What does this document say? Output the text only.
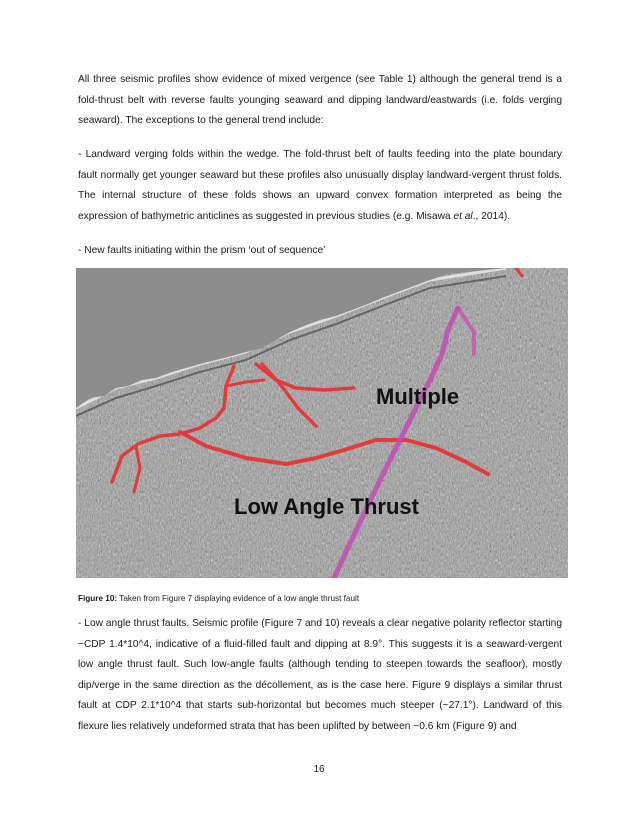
All three seismic profiles show evidence of mixed vergence (see Table 1) although the general trend is a fold-thrust belt with reverse faults younging seaward and dipping landward/eastwards (i.e. folds verging seaward). The exceptions to the general trend include:

- Landward verging folds within the wedge. The fold-thrust belt of faults feeding into the plate boundary fault normally get younger seaward but these profiles also unusually display landward-vergent thrust folds. The internal structure of these folds shows an upward convex formation interpreted as being the expression of bathymetric anticlines as suggested in previous studies (e.g. Misawa et al., 2014).

- New faults initiating within the prism ‘out of sequence’

Multiple
Low Angle Thrust

Figure 10: Taken from Figure 7 displaying evidence of a low angle thrust fault

- Low angle thrust faults. Seismic profile (Figure 7 and 10) reveals a clear negative polarity reflector starting ~CDP 1.4*10^4, indicative of a fluid-filled fault and dipping at 8.9°. This suggests it is a seaward-vergent low angle thrust fault. Such low-angle faults (although tending to steepen towards the seafloor), mostly dip/verge in the same direction as the décollement, as is the case here. Figure 9 displays a similar thrust fault at CDP 2.1*10^4 that starts sub-horizontal but becomes much steeper (~27.1°). Landward of this flexure lies relatively undeformed strata that has been uplifted by between ~0.6 km (Figure 9) and

16
